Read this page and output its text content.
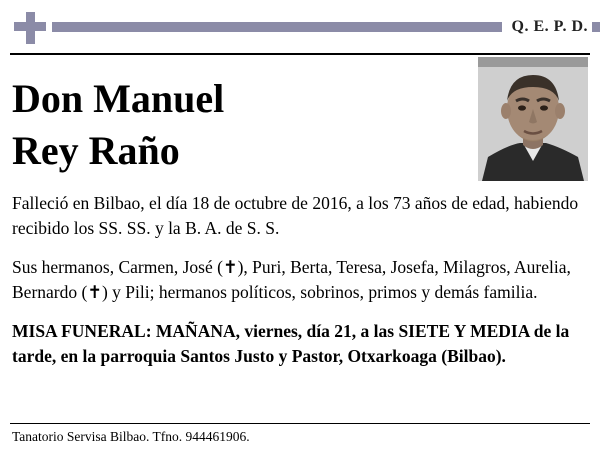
Q. E. P. D.
Don Manuel
Rey Raño

Falleció en Bilbao, el día 18 de octubre de 2016, a los 73 años de edad, habiendo recibido los SS. SS. y la B. A. de S. S.

Sus hermanos, Carmen, José (✝), Puri, Berta, Teresa, Josefa, Milagros, Aurelia, Bernardo (✝) y Pili; hermanos políticos, sobrinos, primos y demás familia.

MISA FUNERAL: MAÑANA, viernes, día 21, a las SIETE Y MEDIA de la tarde, en la parroquia Santos Justo y Pastor, Otxarkoaga (Bilbao).

Tanatorio Servisa Bilbao. Tfno. 944461906.
